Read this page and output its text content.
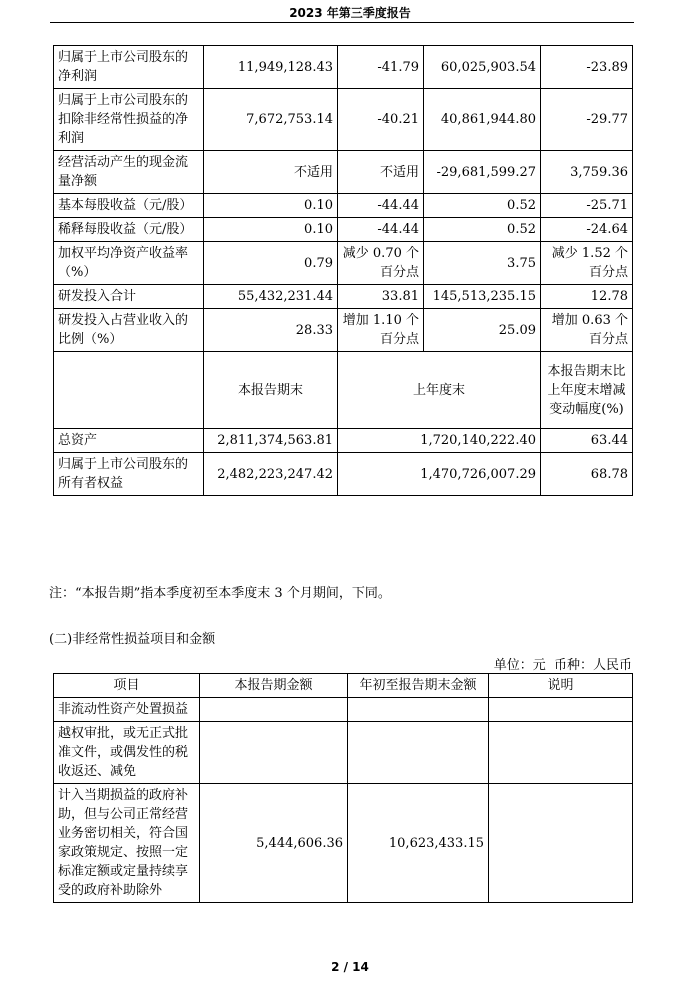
2023 年第三季度报告
归属于上市公司股东的净利润	11,949,128.43	-41.79	60,025,903.54	-23.89
归属于上市公司股东的扣除非经常性损益的净利润	7,672,753.14	-40.21	40,861,944.80	-29.77
经营活动产生的现金流量净额	不适用	不适用	-29,681,599.27	3,759.36
基本每股收益（元/股）	0.10	-44.44	0.52	-25.71
稀释每股收益（元/股）	0.10	-44.44	0.52	-24.64
加权平均净资产收益率（%）	0.79	减少 0.70 个百分点	3.75	减少 1.52 个百分点
研发投入合计	55,432,231.44	33.81	145,513,235.15	12.78
研发投入占营业收入的比例（%）	28.33	增加 1.10 个百分点	25.09	增加 0.63 个百分点
	本报告期末	上年度末		本报告期末比上年度末增减变动幅度(%)
总资产	2,811,374,563.81	1,720,140,222.40		63.44
归属于上市公司股东的所有者权益	2,482,223,247.42	1,470,726,007.29		68.78
注：“本报告期”指本季度初至本季度末 3 个月期间，下同。
(二)非经常性损益项目和金额
单位：元  币种：人民币
项目	本报告期金额	年初至报告期末金额	说明
非流动性资产处置损益			
越权审批，或无正式批准文件，或偶发性的税收返还、减免			
计入当期损益的政府补助，但与公司正常经营业务密切相关，符合国家政策规定、按照一定标准定额或定量持续享受的政府补助除外	5,444,606.36	10,623,433.15	
2 / 14
